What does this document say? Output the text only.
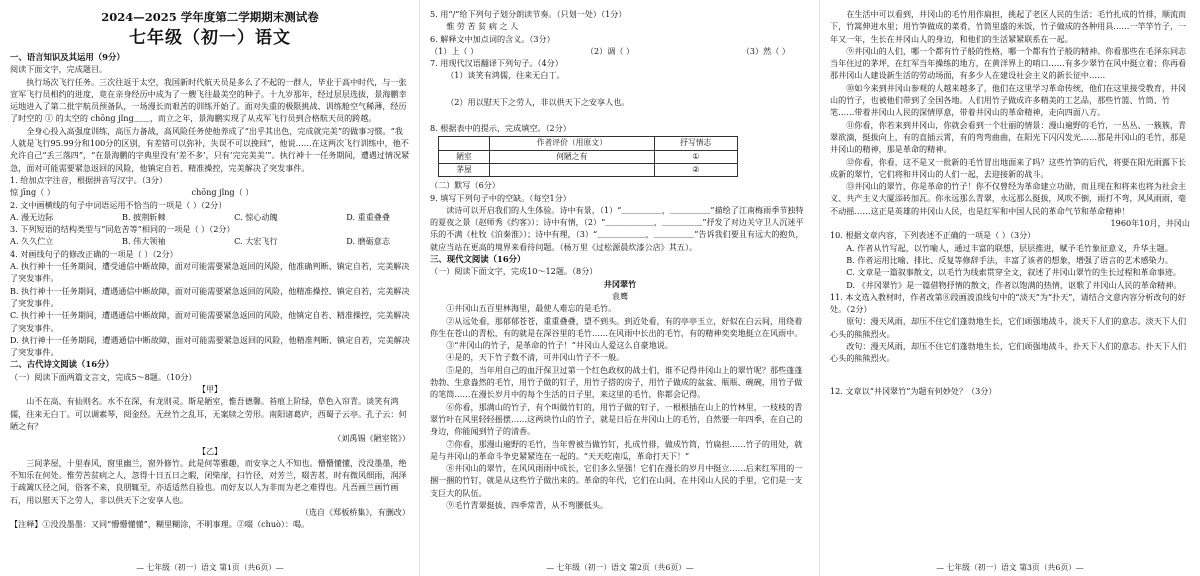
2024—2025 学年度第二学期期末测试卷
七年级（初一）语文
一、语言知识及其运用（9分）
阅读下面文字，完成题目。
执行场次飞行任务。三次往返于太空，我国新时代航天员是多么了不起的一群人，毕业于高中时代，与一张宣军飞行员相约的进度，竟在亲身经历中成为了一艘飞往最美空的种子。十九岁那年，经过层层选拔，景海鹏幸运地进入了第二批宇航员预备队，一场漫长而艰苦的训练开始了。面对失重的极限挑战、训练舱空气稀薄，经历了时空的 ① 的太空的 chōng jǐng＿＿，而立之年，景海鹏实现了从戎军飞行员到合格航天员的跨越。
全身心投入高强度训练，高压力备战，高风险任务使他养成了“出乎其出色，完成就完美”的做事习惯。“我人就是飞行95.99分和100分的区别，有差错可以弥补，失误不可以挽回”，他说……在这两次飞行训练中，他不允许自己“丢三落四”，“在景海鹏的字典里没有‘差不多’，只有‘完完美美’”。执行神十一任务期间，遭遇过情况紧急，面对可能需要紧急返回的风险，他镇定自若、精准操控，完美解决了突发事件。
1. 给加点字注音，根据拼音写汉字。（3分）
惊 jīng（ ）	chōng jǐng（ ）
2. 文中画横线的句子中词语运用不恰当的一项是（ ）（2分）
A. 漫无边际	B. 披荆斩棘	C. 惊心动魄	D. 重重叠叠
3. 下列短语的结构类型与“同危苦等”相同的一项是（ ）（2分）
A. 久久伫立	B. 伟大领袖	C. 大宏飞行	D. 磨砺意志
4. 对画线句子的修改正确的一项是（ ）（2分）
A. 执行神十一任务期间，遭受通信中断故障，面对可能需要紧急返回的风险，他准确判断、镇定自若，完美解决了突发事件。
B. 执行神十一任务期间，遭遇通信中断故障，面对可能需要紧急返回的风险，他精准操控、镇定自若，完美解决了突发事件。
C. 执行神十一任务期间，遭遇通信中断故障，面对可能需要紧急返回的风险，他镇定自若、精准操控，完美解决了突发事件。
D. 执行神十一任务期间，遭遇通信中断故障，面对可能需要紧急返回的风险，他精准判断、镇定自若，完美解决了突发事件。
二、古代诗文阅读（16分）
（一）阅读下面两篇文言文，完成5～8题。（10分）
【甲】
山不在高，有仙则名。水不在深，有龙则灵。斯是陋室，惟吾德馨。苔痕上阶绿，草色入帘青。谈笑有鸿儒，往来无白丁。可以调素琴，阅金经。无丝竹之乱耳，无案牍之劳形。南阳诸葛庐，西蜀子云亭。孔子云：何陋之有？
（刘禹锡《陋室铭》）
【乙】
三间茅屋，十里春风，窗里幽兰，窗外修竹。此是何等雅趣，而安享之人不知也。懵懵懂懂，没没墨墨，绝不知乐在何处。惟劳苦贫病之人，忽得十日五日之暇，闭柴扉，扫竹径，对芳兰，啜苦茗，时有微风细雨，润泽于疏篱仄径之间，俗客不来，良朋辄至，亦适适然自验也。而好友以人为非而为老之难得也。凡吾画兰画竹画石，用以慰天下之劳人，非以供天下之安享人也。
（选自《郑板桥集》，有删改）
【注释】①没没墨墨：又同“懵懵懂懂”，糊里糊涂，不明事理。②啜（chuò）：喝。
— 七年级（初一）语文 第1页（共6页）—
5. 用“/”给下列句子划分朗读节奏。（只划一处）（1分）
惟 劳 苦 贫 病 之 人
6. 解释文中加点词的含义。（3分）
（1）上（ ）	（2）调（ ）	（3）然（ ）
7. 用现代汉语翻译下列句子。（4分）
（1）谈笑有鸿儒，往来无白丁。
（2）用以慰天下之劳人，非以供天下之安享人也。
8. 根据表中的提示，完成填空。（2分）
	作者评价（用原文）	抒写情志
陋室	何陋之有	①
茅屋		②
（二）默写（6分）
9. 填写下列句子中的空缺。（每空1分）
读诗可以开启我们的人生体验。诗中有景，（1）“＿＿＿＿＿，＿＿＿＿＿”描绘了江南梅雨季节独特的夏夜之景（赵师秀《约客》）；诗中有情，（2）“＿＿＿＿＿＿，＿＿＿＿＿”抒发了对边关守卫人沉迷平乐的不满（杜牧《泊秦淮》）；诗中有理，（3）“＿＿＿＿＿＿，＿＿＿＿＿”告诉我们要且有远大的抱负，就应当站在更高的境界来看待问题。（杨万里《过松源晨炊漆公店》其五）。
三、现代文阅读（16分）
（一）阅读下面文字，完成10～12题。（8分）
井冈翠竹
袁鹰
①井冈山五百里林海里，最使人难忘的是毛竹。
②从远处看，那郁郁苍苍，重重叠叠，望不到头。到近处看，有的亭亭玉立，好似在白云间，用绕着你生在苍山的青松，有的就是在深谷里的毛竹……在风雨中长出的毛竹，有的精神奕奕地挺立在风雨中。
③“井冈山的竹子，是革命的竹子！”井冈山人爱这么自豪地说。
④是的，天下竹子数不清，可井冈山竹子不一般。
⑤是的，当年用自己的血汗保卫过第一个红色政权的战士们，谁不记得井冈山上的翠竹呢？那些蓬蓬勃勃、生意盎然的毛竹，用竹子做的钉子，用竹子搭的房子，用竹子做成的盆盆、瓶瓶、碗碗，用竹子做的笔筒……在漫长岁月中的每个生活的日子里，来这里的毛竹，你都会记得。
⑥你看，那满山的竹子，有个叫做竹钉的，用竹子做的钉子，一根根插在山上的竹林里，一枝枝的青翠竹叶在风里轻轻摇摆……这两块竹山的竹子，就是日后在井冈山上的毛竹，自然要一年四季，在自己的身边，你能闻到竹子的清香。
⑦你看，那漫山遍野的毛竹，当年曾被当做竹钉，扎成竹排，做成竹筒，竹扁担……竹子的用处，就是与井冈山的革命斗争史紧紧连在一起的。“天天吃南瓜，革命打天下！”
⑧井冈山的翠竹，在风风雨雨中成长，它们多么坚强！它们在漫长的岁月中挺立……后来红军用的一捆一捆的竹钉，就是从这些竹子做出来的。革命的年代，它们在山间，在井冈山人民的手里，它们是一支支巨大的队伍。
⑨毛竹青翠挺拔、四季常青，从不弯腰低头。
— 七年级（初一）语文 第2页（共6页）—
在生活中可以看到，井冈山的毛竹用作扁担，挑起了老区人民的生活；毛竹扎成的竹排，顺流而下，竹篙伸进水里；用竹笋做成的菜肴，竹筒里盛的米饭，竹子做成的各种用具……一竿竿竹子，一年又一年，生长在井冈山人的身边，和他们的生活紧紧联系在一起。
⑨井冈山的人们，哪一个都有竹子般的性格，哪一个都有竹子般的精神。你看那些在毛泽东同志当年住过的茅坪，在红军当年操练的地方，在黄洋界上的哨口……有多少翠竹在风中挺立着；你再看那井冈山人建设新生活的劳动场面，有多少人在建设社会主义的新长征中……
⑩如今来到井冈山参观的人越来越多了，他们在这里学习革命传统，他们在这里接受教育，井冈山的竹子，也被他们带到了全国各地。人们用竹子做成许多精美的工艺品，那些竹篮、竹筒、竹笔……带着井冈山人民的深情厚意，带着井冈山的革命精神，走向四面八方。
⑪你看，你若来到井冈山，你就会看到一个壮丽的情景：漫山遍野的毛竹，一丛丛、一簇簇，青翠欲滴，挺拔向上，有的直插云霄，有的弯弯曲曲，在阳光下闪闪发光……那是井冈山的毛竹，那是井冈山的精神，那是革命的精神。
⑫你看，你看，这不是又一批新的毛竹冒出地面来了吗？这些竹笋的后代，将要在阳光雨露下长成新的翠竹，它们将和井冈山的人们一起，去迎接新的战斗。
⑬井冈山的翠竹，你是革命的竹子！你不仅曾经为革命建立功勋，而且现在和将来也将为社会主义、共产主义大厦添砖加瓦。你永远那么青翠，永远那么挺拔，风吹不倒，雨打不弯，风风雨雨，毫不动摇……这正是英雄的井冈山人民，也是红军和中国人民的革命气节和革命精神！
1960年10月，井冈山
10. 根据文章内容，下列表述不正确的一项是（ ）（3分）
A. 作者从竹写起，以竹喻人，通过丰富的联想，层层推进，赋予毛竹象征意义，升华主题。
B. 作者运用比喻、排比、反复等修辞手法，丰富了该者的想象，增强了语言的艺术感染力。
C. 文章是一篇叙事散文，以毛竹为线索贯穿全文，叙述了井冈山翠竹的生长过程和革命事迹。
D. 《井冈翠竹》是一篇借物抒情的散文，作者以饱满的热情，讴歌了井冈山人民的革命精神。
11. 本文选入教材时，作者改第⑧段画波浪线句中的“淡天”为“扑天”，请结合文意内容分析改句的好处。（2分）
原句：漫天风雨，却压不住它们蓬勃地生长，它们顽强地战斗，淡天下人们的意志。淡天下人们心头的熊熊烈火。
改句：漫天风雨，却压不住它们蓬勃地生长，它们顽强地战斗，扑天下人们的意志。扑天下人们心头的熊熊烈火。
12. 文章以“井冈翠竹”为题有何妙处？（3分）
— 七年级（初一）语文 第3页（共6页）—
